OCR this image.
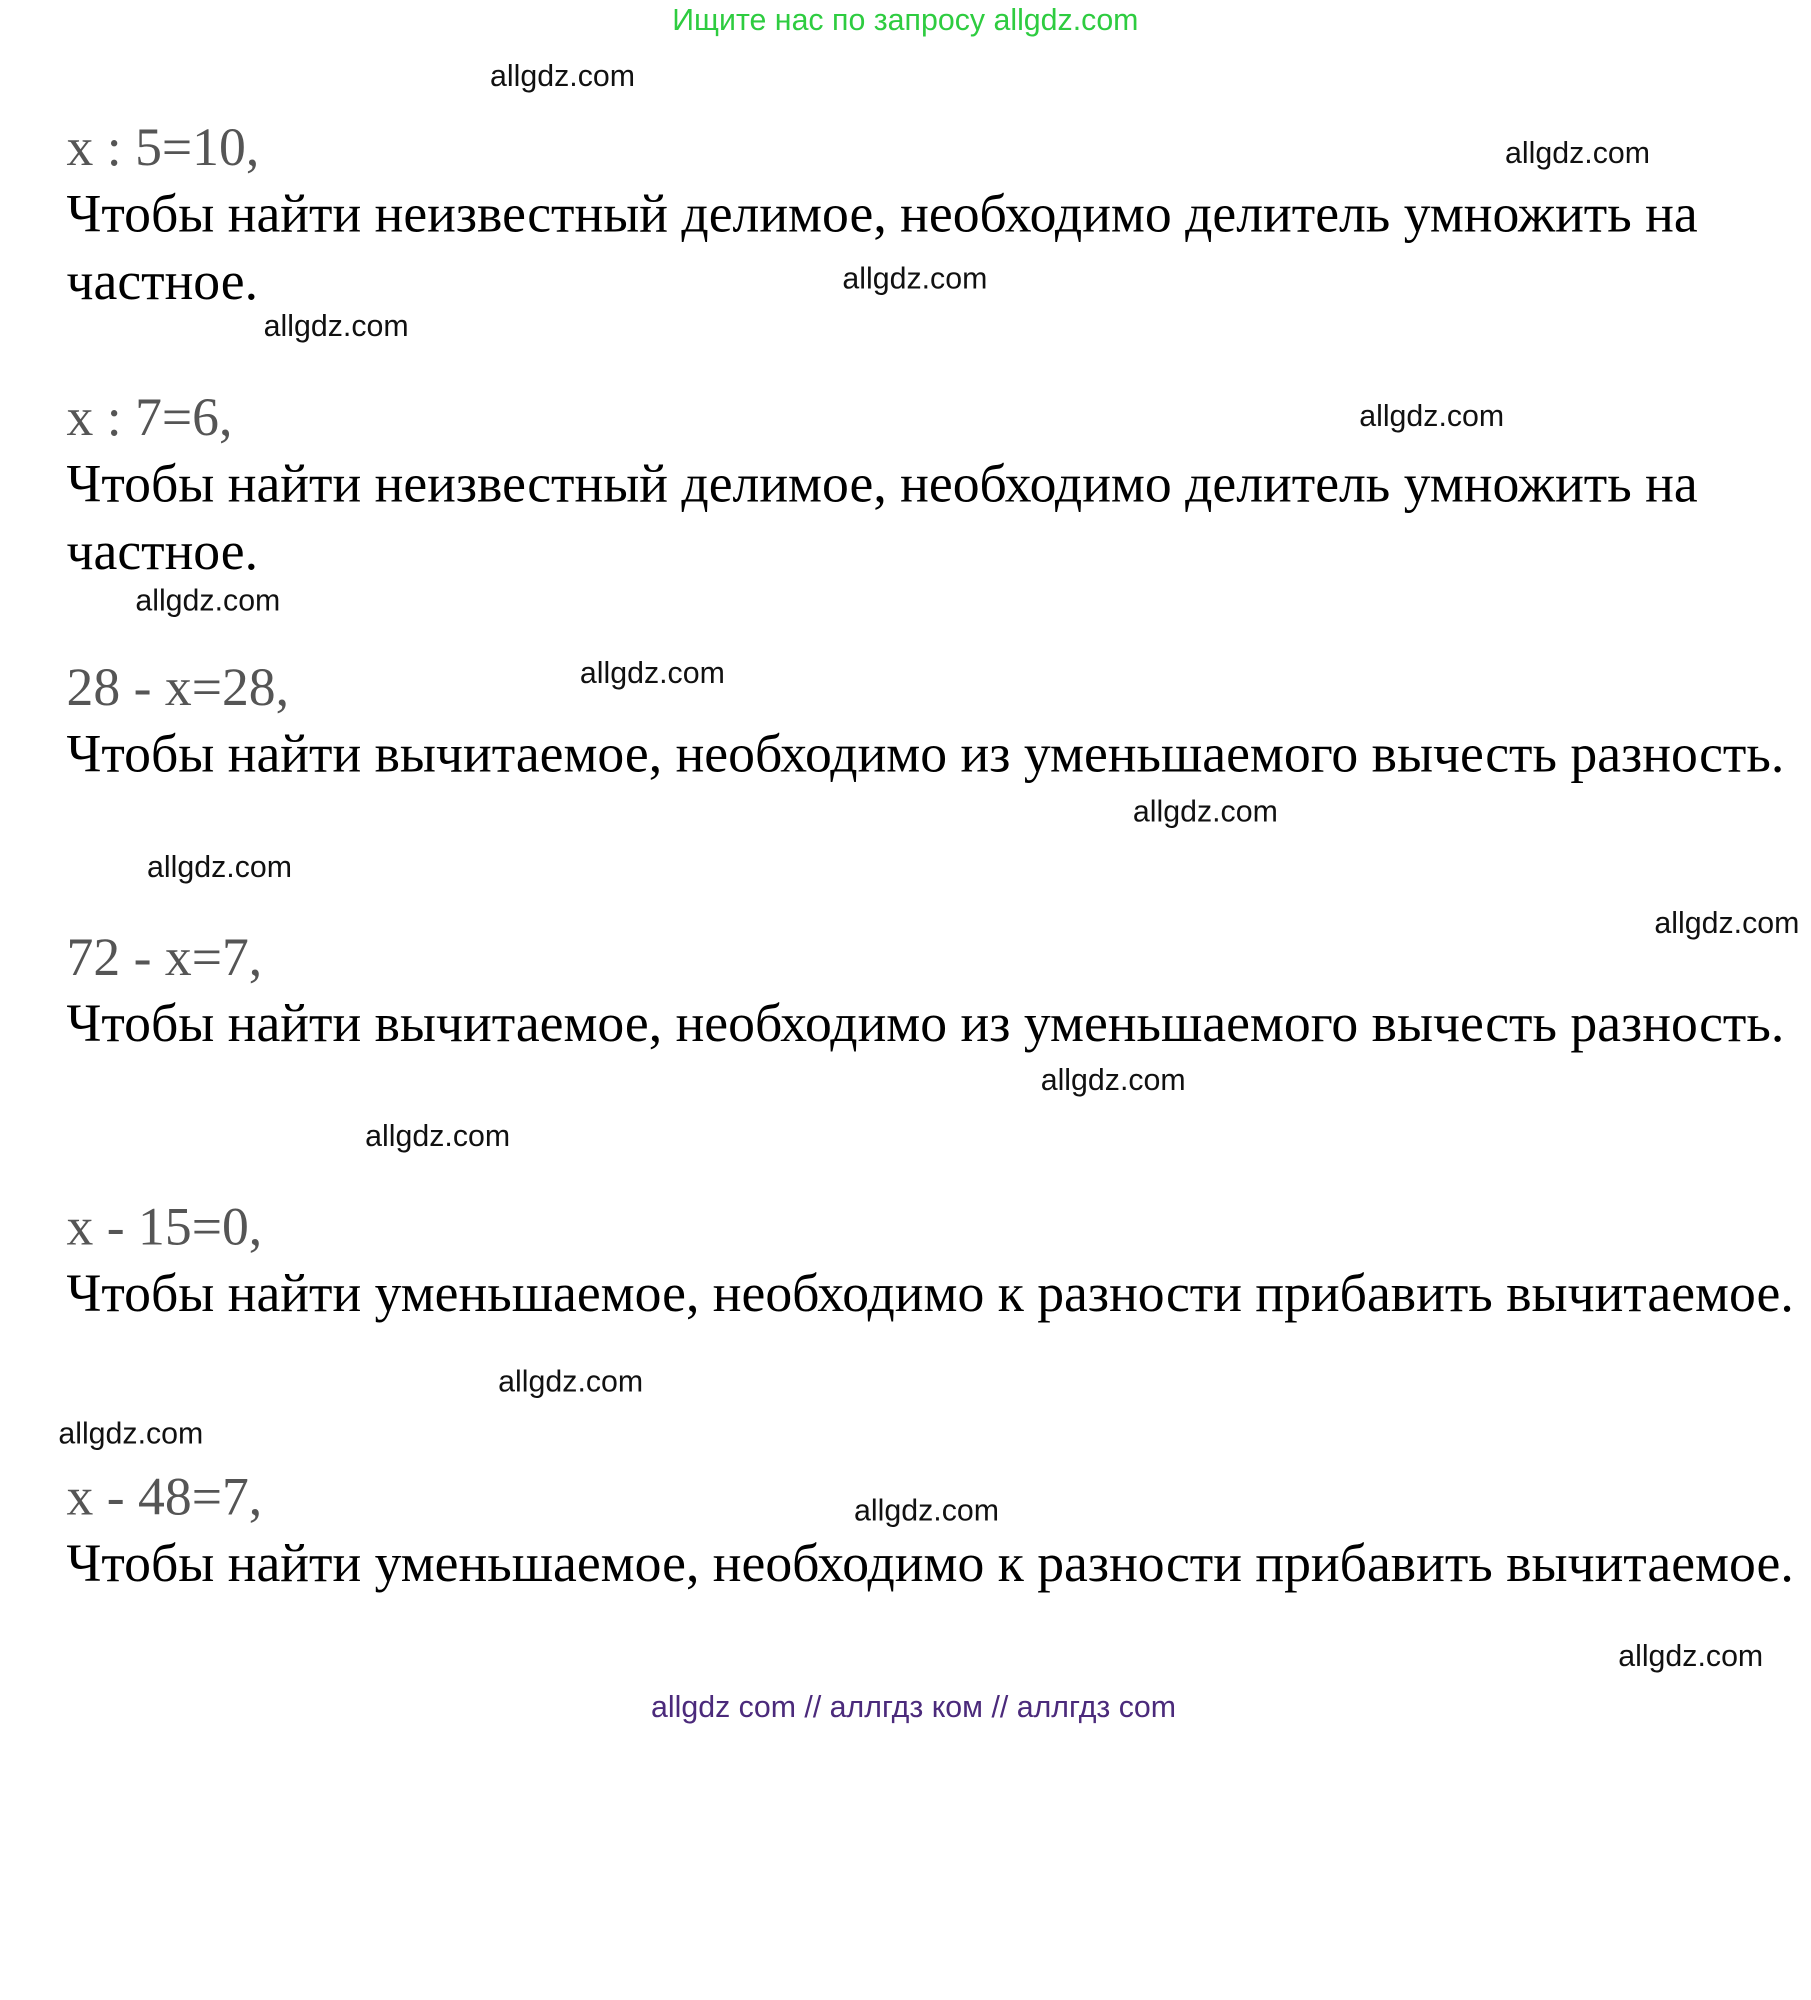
Ищите нас по запросу allgdz.com
allgdz.com
allgdz.com
allgdz.com
allgdz.com
allgdz.com
allgdz.com
allgdz.com
allgdz.com
allgdz.com
allgdz.com
allgdz.com
allgdz.com
allgdz.com
allgdz.com
allgdz.com
allgdz.com
x : 5=10,
Чтобы найти неизвестный делимое, необходимо делитель умножить на частное.
x : 7=6,
Чтобы найти неизвестный делимое, необходимо делитель умножить на частное.
28 - x=28,
Чтобы найти вычитаемое, необходимо из уменьшаемого вычесть разность.
72 - x=7,
Чтобы найти вычитаемое, необходимо из уменьшаемого вычесть разность.
x - 15=0,
Чтобы найти уменьшаемое, необходимо к разности прибавить вычитаемое.
x - 48=7,
Чтобы найти уменьшаемое, необходимо к разности прибавить вычитаемое.
allgdz com // аллгдз ком // аллгдз com
